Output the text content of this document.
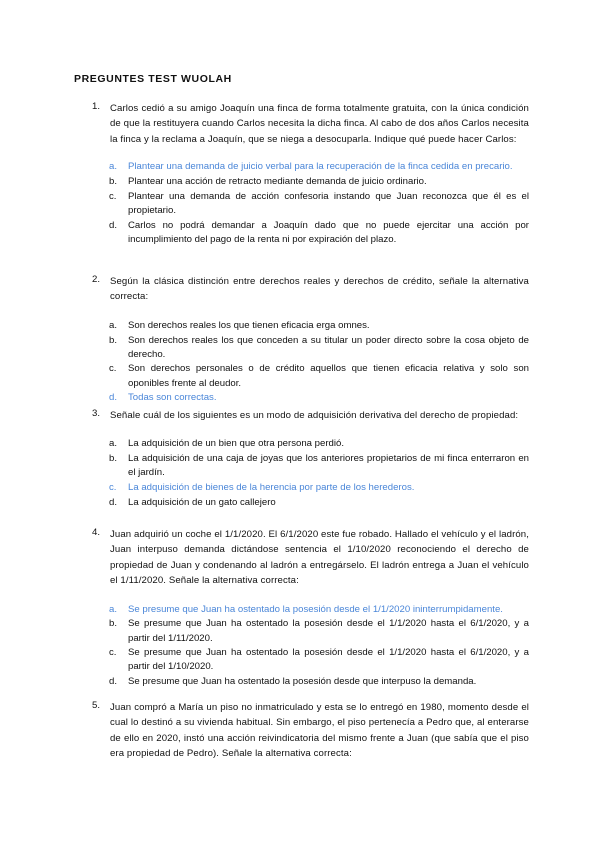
PREGUNTES TEST WUOLAH
1. Carlos cedió a su amigo Joaquín una finca de forma totalmente gratuita, con la única condición de que la restituyera cuando Carlos necesita la dicha finca. Al cabo de dos años Carlos necesita la finca y la reclama a Joaquín, que se niega a desocuparla. Indique qué puede hacer Carlos:
a. Plantear una demanda de juicio verbal para la recuperación de la finca cedida en precario.
b. Plantear una acción de retracto mediante demanda de juicio ordinario.
c. Plantear una demanda de acción confesoria instando que Juan reconozca que él es el propietario.
d. Carlos no podrá demandar a Joaquín dado que no puede ejercitar una acción por incumplimiento del pago de la renta ni por expiración del plazo.
2. Según la clásica distinción entre derechos reales y derechos de crédito, señale la alternativa correcta:
a. Son derechos reales los que tienen eficacia erga omnes.
b. Son derechos reales los que conceden a su titular un poder directo sobre la cosa objeto de derecho.
c. Son derechos personales o de crédito aquellos que tienen eficacia relativa y solo son oponibles frente al deudor.
d. Todas son correctas.
3. Señale cuál de los siguientes es un modo de adquisición derivativa del derecho de propiedad:
a. La adquisición de un bien que otra persona perdió.
b. La adquisición de una caja de joyas que los anteriores propietarios de mi finca enterraron en el jardín.
c. La adquisición de bienes de la herencia por parte de los herederos.
d. La adquisición de un gato callejero
4. Juan adquirió un coche el 1/1/2020. El 6/1/2020 este fue robado. Hallado el vehículo y el ladrón, Juan interpuso demanda dictándose sentencia el 1/10/2020 reconociendo el derecho de propiedad de Juan y condenando al ladrón a entregárselo. El ladrón entrega a Juan el vehículo el 1/11/2020. Señale la alternativa correcta:
a. Se presume que Juan ha ostentado la posesión desde el 1/1/2020 ininterrumpidamente.
b. Se presume que Juan ha ostentado la posesión desde el 1/1/2020 hasta el 6/1/2020, y a partir del 1/11/2020.
c. Se presume que Juan ha ostentado la posesión desde el 1/1/2020 hasta el 6/1/2020, y a partir del 1/10/2020.
d. Se presume que Juan ha ostentado la posesión desde que interpuso la demanda.
5. Juan compró a María un piso no inmatriculado y esta se lo entregó en 1980, momento desde el cual lo destinó a su vivienda habitual. Sin embargo, el piso pertenecía a Pedro que, al enterarse de ello en 2020, instó una acción reivindicatoria del mismo frente a Juan (que sabía que el piso era propiedad de Pedro). Señale la alternativa correcta:
